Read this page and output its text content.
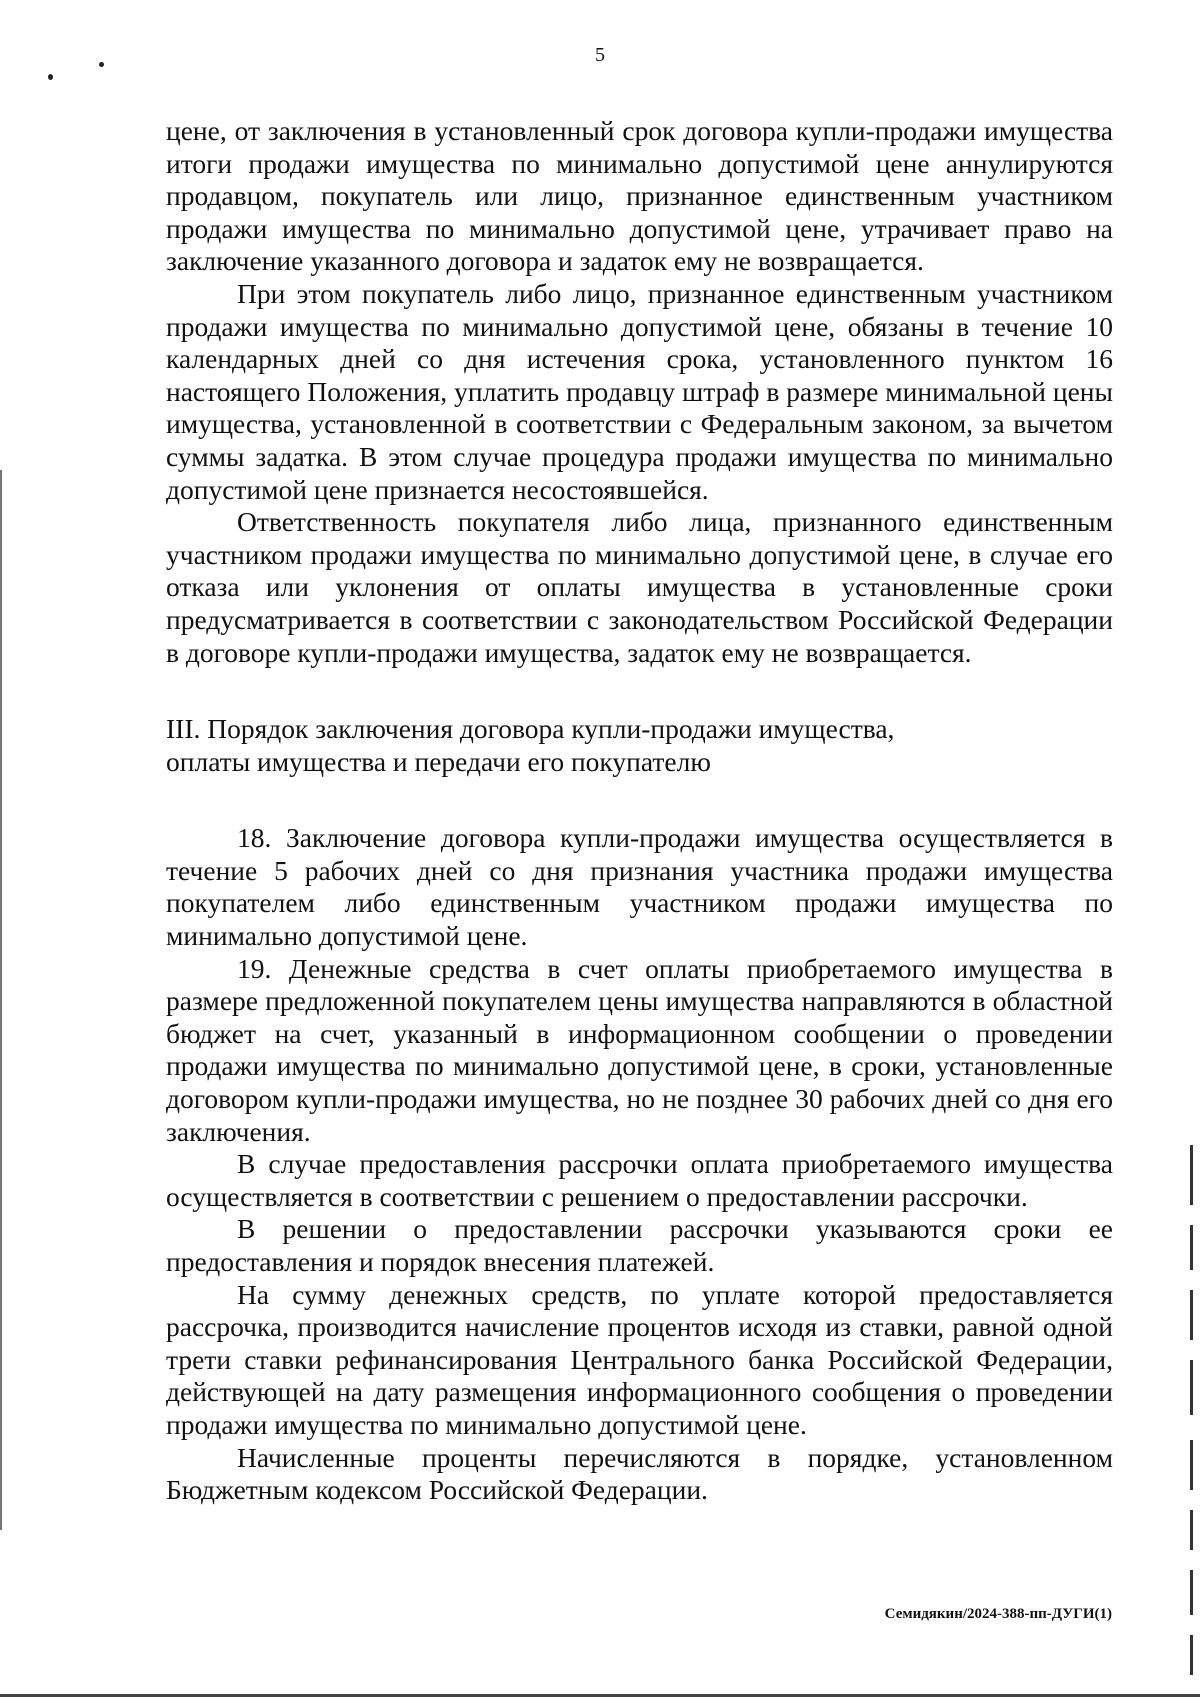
5

цене, от заключения в установленный срок договора купли-продажи имущества итоги продажи имущества по минимально допустимой цене аннулируются продавцом, покупатель или лицо, признанное единственным участником продажи имущества по минимально допустимой цене, утрачивает право на заключение указанного договора и задаток ему не возвращается.

При этом покупатель либо лицо, признанное единственным участником продажи имущества по минимально допустимой цене, обязаны в течение 10 календарных дней со дня истечения срока, установленного пунктом 16 настоящего Положения, уплатить продавцу штраф в размере минимальной цены имущества, установленной в соответствии с Федеральным законом, за вычетом суммы задатка. В этом случае процедура продажи имущества по минимально допустимой цене признается несостоявшейся.

Ответственность покупателя либо лица, признанного единственным участником продажи имущества по минимально допустимой цене, в случае его отказа или уклонения от оплаты имущества в установленные сроки предусматривается в соответствии с законодательством Российской Федерации в договоре купли-продажи имущества, задаток ему не возвращается.

III. Порядок заключения договора купли-продажи имущества,
оплаты имущества и передачи его покупателю

18. Заключение договора купли-продажи имущества осуществляется в течение 5 рабочих дней со дня признания участника продажи имущества покупателем либо единственным участником продажи имущества по минимально допустимой цене.

19. Денежные средства в счет оплаты приобретаемого имущества в размере предложенной покупателем цены имущества направляются в областной бюджет на счет, указанный в информационном сообщении о проведении продажи имущества по минимально допустимой цене, в сроки, установленные договором купли-продажи имущества, но не позднее 30 рабочих дней со дня его заключения.

В случае предоставления рассрочки оплата приобретаемого имущества осуществляется в соответствии с решением о предоставлении рассрочки.

В решении о предоставлении рассрочки указываются сроки ее предоставления и порядок внесения платежей.

На сумму денежных средств, по уплате которой предоставляется рассрочка, производится начисление процентов исходя из ставки, равной одной трети ставки рефинансирования Центрального банка Российской Федерации, действующей на дату размещения информационного сообщения о проведении продажи имущества по минимально допустимой цене.

Начисленные проценты перечисляются в порядке, установленном Бюджетным кодексом Российской Федерации.

Семидякин/2024-388-пп-ДУГИ(1)
